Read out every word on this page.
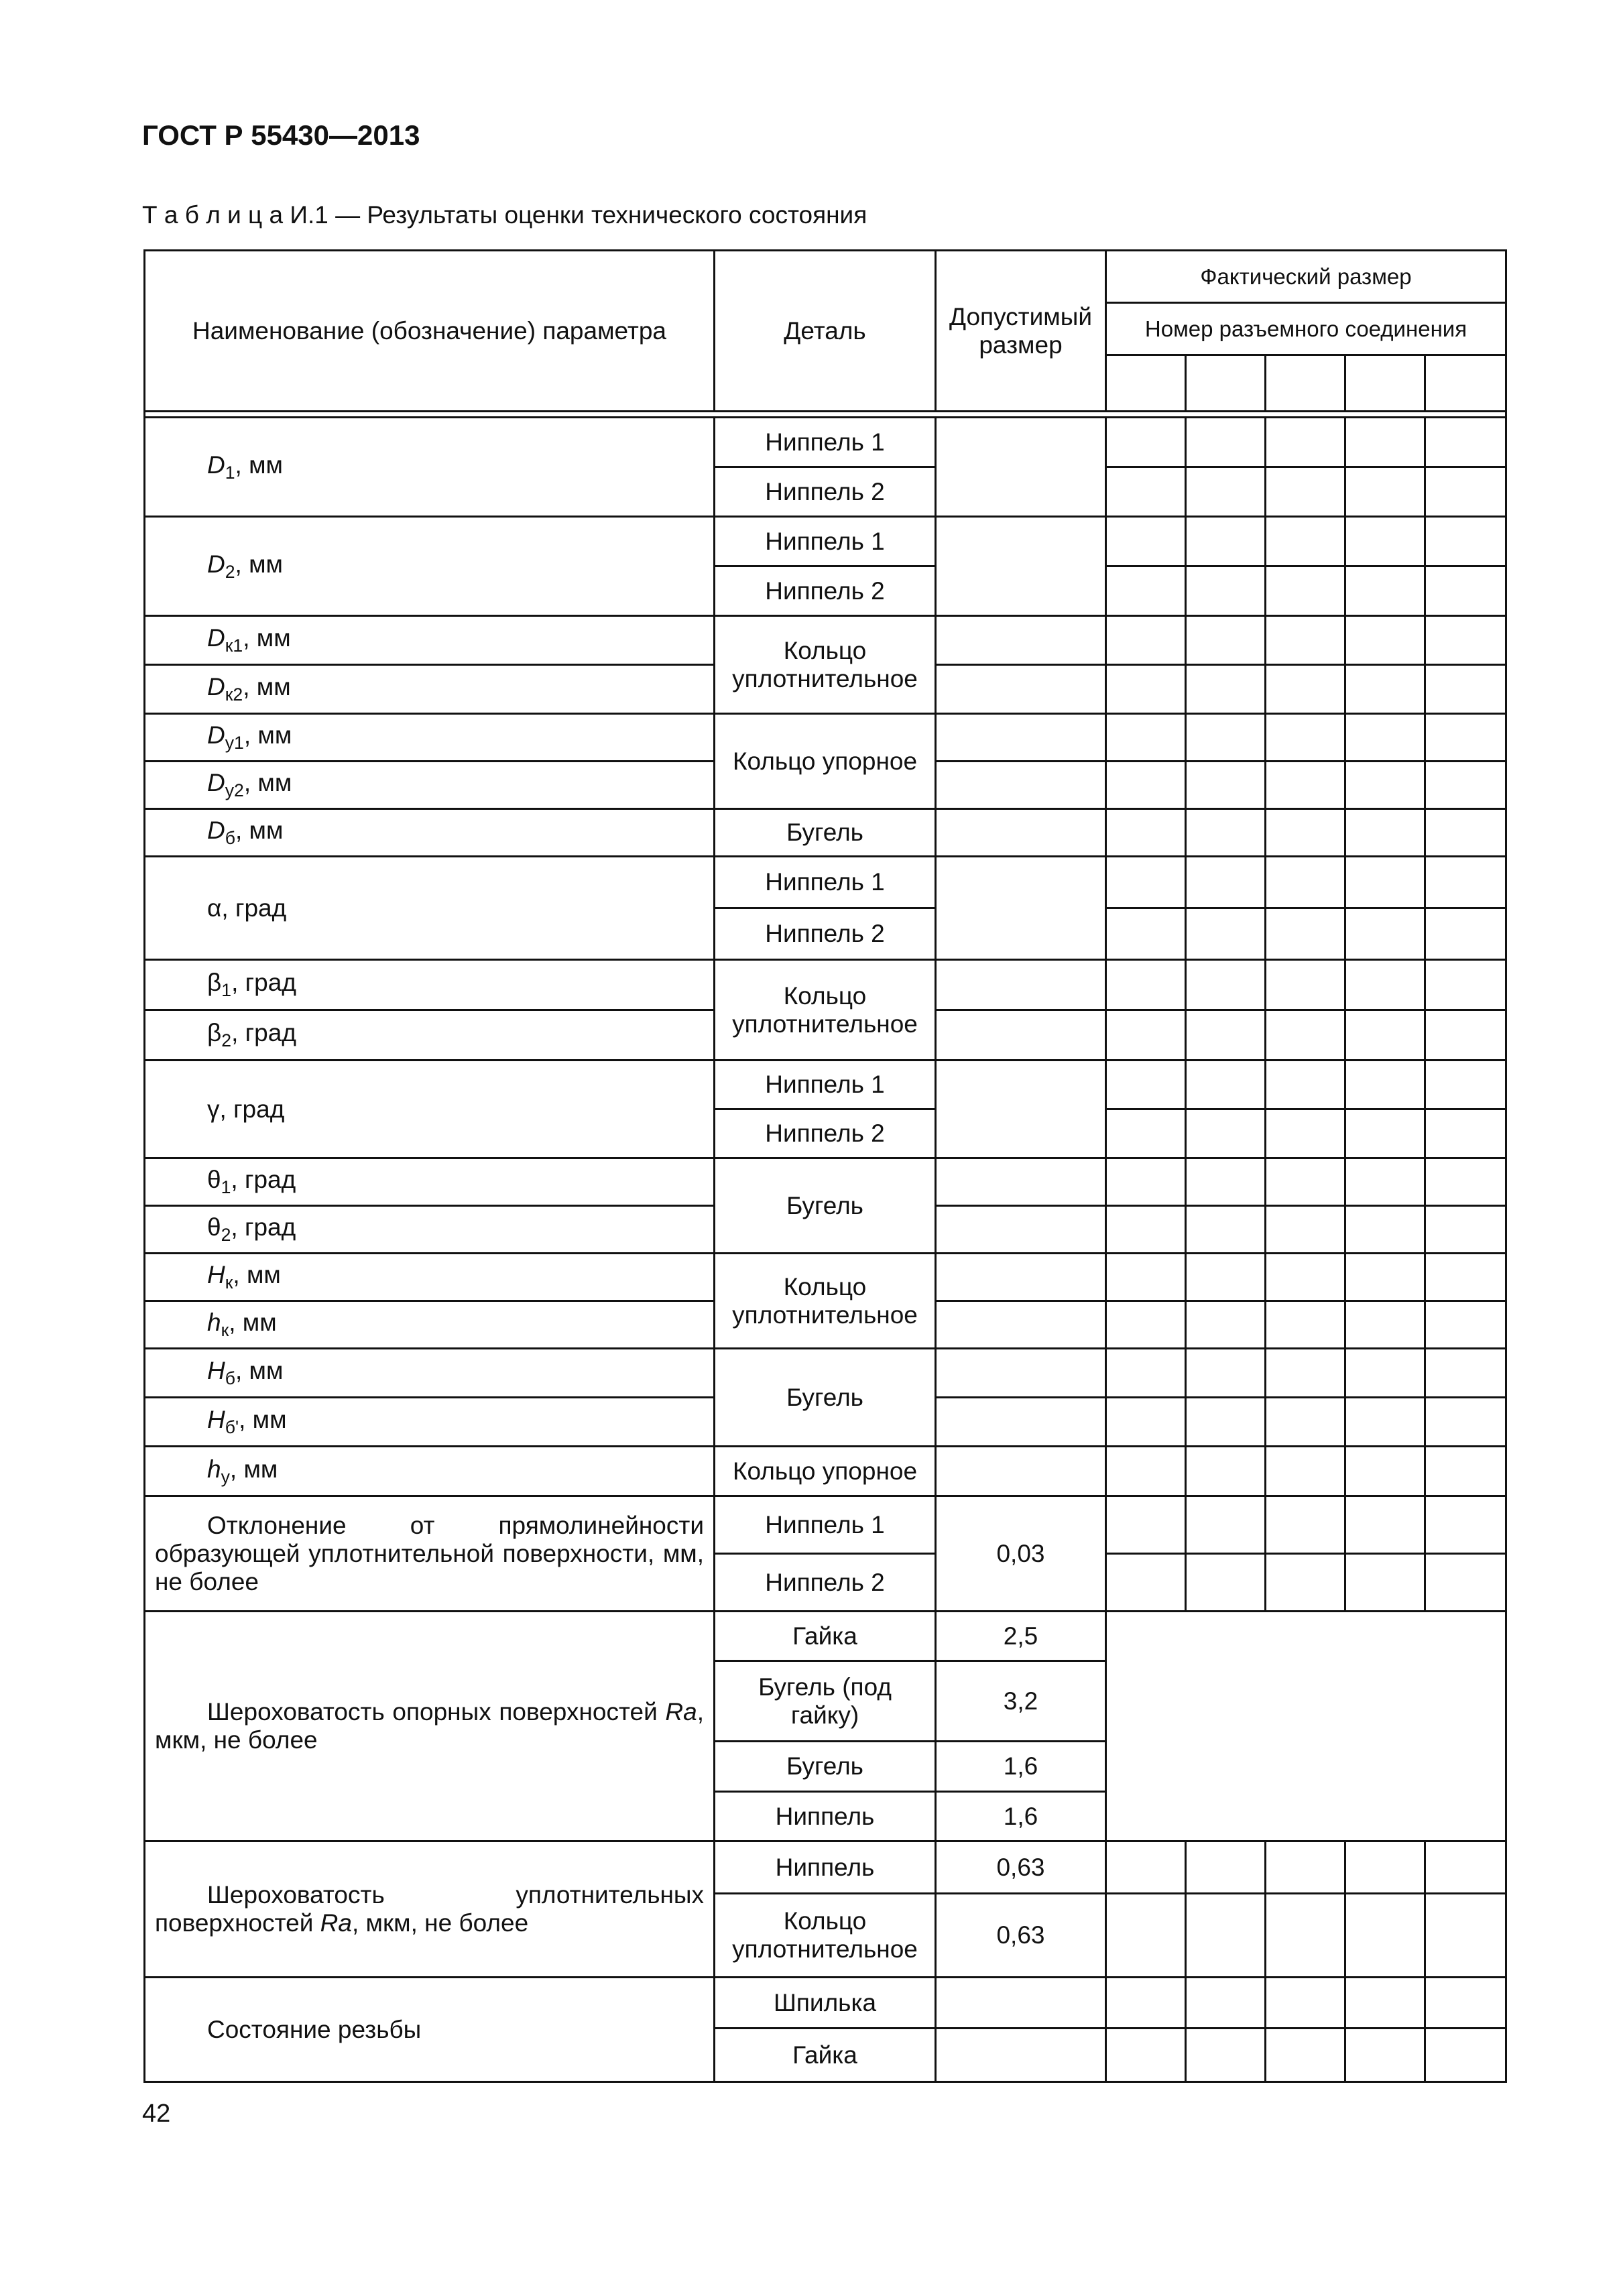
ГОСТ Р 55430—2013
Т а б л и ц а И.1 — Результаты оценки технического состояния
Наименование (обозначение) параметра	Деталь	Допустимый размер	Фактический размер				
			Номер разъемного соединения				

$D_1$, мм	Ниппель 1						
	Ниппель 2						
$D_2$, мм	Ниппель 1						
	Ниппель 2						
$D_{к1}$, мм	Кольцо уплотнительное						
$D_{к2}$, мм							
$D_{у1}$, мм	Кольцо упорное						
$D_{у2}$, мм							
$D_б$, мм	Бугель						
α, град	Ниппель 1						
	Ниппель 2						
$\beta_1$, град	Кольцо уплотнительное						
$\beta_2$, град							
γ, град	Ниппель 1						
	Ниппель 2						
$\theta_1$, град	Бугель						
$\theta_2$, град							
$H_к$, мм	Кольцо уплотнительное						
$h_к$, мм							
$H_б$, мм	Бугель						
$H_{б'}$, мм							
$h_у$, мм	Кольцо упорное						
Отклонение от прямолинейности образующей уплотнительной поверхности, мм, не более	Ниппель 1	0,03					
	Ниппель 2						
Шероховатость опорных поверхностей Ra, мкм, не более	Гайка	2,5					
	Бугель (под гайку)	3,2					
	Бугель	1,6					
	Ниппель	1,6					
Шероховатость уплотнительных поверхностей Ra, мкм, не более	Ниппель	0,63					
	Кольцо уплотнительное	0,63					
Состояние резьбы	Шпилька						
	Гайка						
42
